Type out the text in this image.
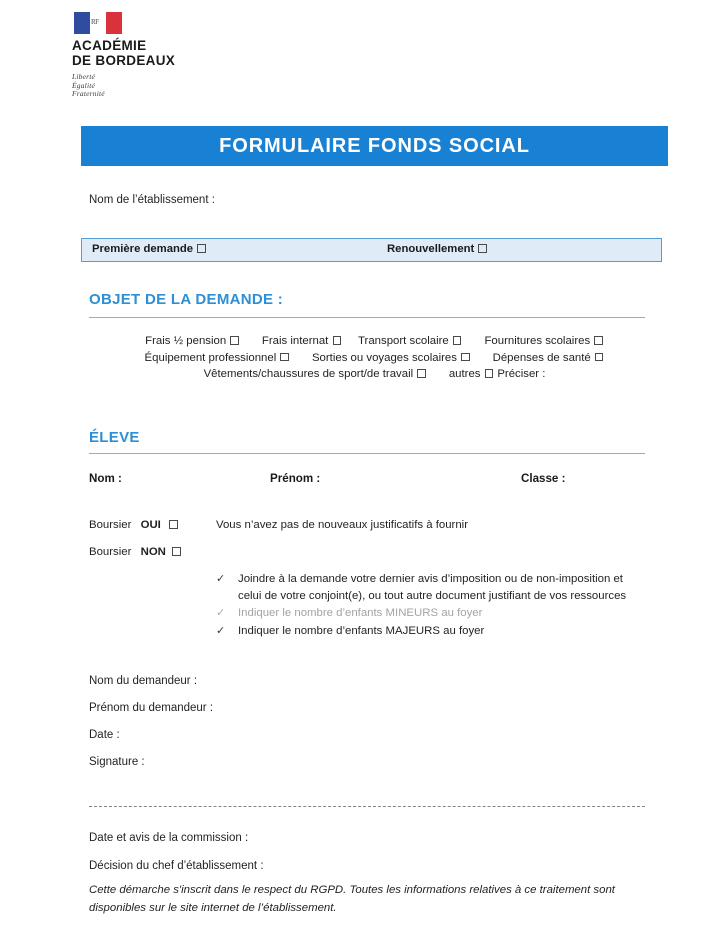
RF
ACADÉMIE
DE BORDEAUX
Liberté
Égalité
Fraternité
FORMULAIRE FONDS SOCIAL
Nom de l’établissement :
Première demande	Renouvellement
OBJET DE LA DEMANDE :
Frais ½ pension	Frais internat	Transport scolaire	Fournitures scolaires
Équipement professionnel	Sorties ou voyages scolaires	Dépenses de santé
Vêtements/chaussures de sport/de travail	autres Préciser :
ÉLEVE
Nom :	Prénom :	Classe :
Boursier OUI	Vous n’avez pas de nouveaux justificatifs à fournir
Boursier NON
✓ Joindre à la demande votre dernier avis d’imposition ou de non-imposition et celui de votre conjoint(e), ou tout autre document justifiant de vos ressources
✓ Indiquer le nombre d’enfants MINEURS au foyer
✓ Indiquer le nombre d’enfants MAJEURS au foyer
Nom du demandeur :
Prénom du demandeur :
Date :
Signature :
Date et avis de la commission :
Décision du chef d’établissement :
Cette démarche s'inscrit dans le respect du RGPD. Toutes les informations relatives à ce traitement sont disponibles sur le site internet de l’établissement.
